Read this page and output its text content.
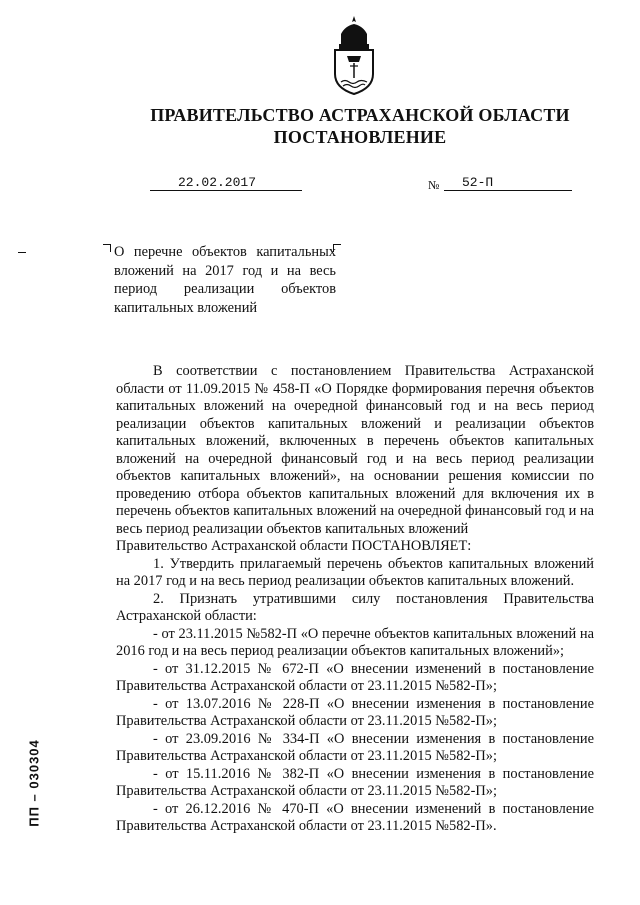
ПРАВИТЕЛЬСТВО АСТРАХАНСКОЙ ОБЛАСТИ
ПОСТАНОВЛЕНИЕ
22.02.2017	№ 52-П
О перечне объектов капитальных вложений на 2017 год и на весь период реализации объектов капитальных вложений

В соответствии с постановлением Правительства Астраханской области от 11.09.2015 № 458-П «О Порядке формирования перечня объектов капитальных вложений на очередной финансовый год и на весь период реализации объектов капитальных вложений и реализации объектов капитальных вложений, включенных в перечень объектов капитальных вложений на очередной финансовый год и на весь период реализации объектов капитальных вложений», на основании решения комиссии по проведению отбора объектов капитальных вложений для включения их в перечень объектов капитальных вложений на очередной финансовый год и на весь период реализации объектов капитальных вложений

Правительство Астраханской области ПОСТАНОВЛЯЕТ:

1. Утвердить прилагаемый перечень объектов капитальных вложений на 2017 год и на весь период реализации объектов капитальных вложений.

2. Признать утратившими силу постановления Правительства Астраханской области:

- от 23.11.2015 №582-П «О перечне объектов капитальных вложений на 2016 год и на весь период реализации объектов капитальных вложений»;

- от 31.12.2015 № 672-П «О внесении изменений в постановление Правительства Астраханской области от 23.11.2015 №582-П»;

- от 13.07.2016 № 228-П «О внесении изменения в постановление Правительства Астраханской области от 23.11.2015 №582-П»;

- от 23.09.2016 № 334-П «О внесении изменения в постановление Правительства Астраханской области от 23.11.2015 №582-П»;

- от 15.11.2016 № 382-П «О внесении изменения в постановление Правительства Астраханской области от 23.11.2015 №582-П»;

- от 26.12.2016 № 470-П «О внесении изменений в постановление Правительства Астраханской области от 23.11.2015 №582-П».

ПП – 030304
